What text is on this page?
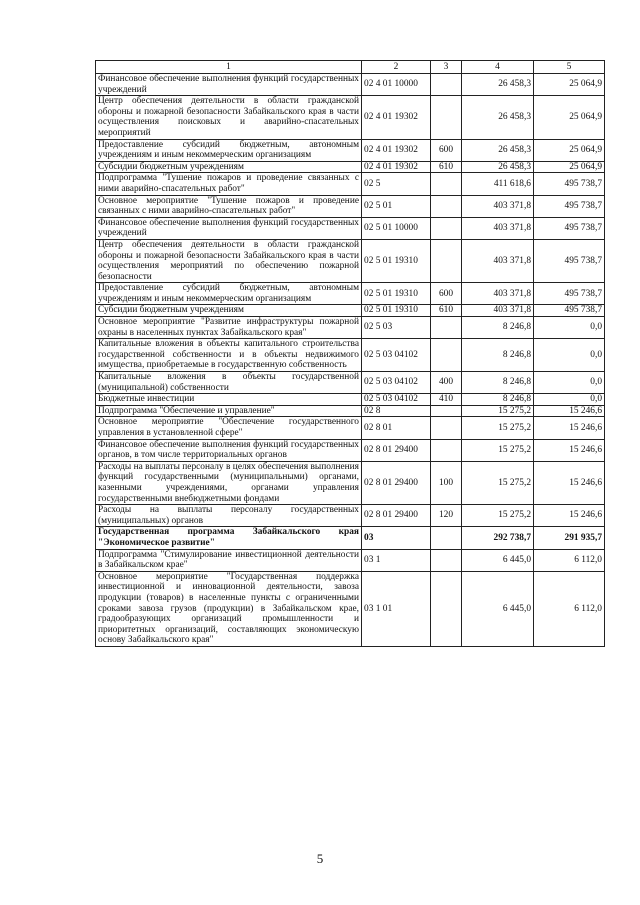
1	2	3	4	5
Финансовое обеспечение выполнения функций государственных учреждений	02 4 01 10000		26 458,3	25 064,9
Центр обеспечения деятельности в области гражданской обороны и пожарной безопасности Забайкальского края в части осуществления поисковых и аварийно-спасательных мероприятий	02 4 01 19302		26 458,3	25 064,9
Предоставление субсидий бюджетным, автономным учреждениям и иным некоммерческим организациям	02 4 01 19302	600	26 458,3	25 064,9
Субсидии бюджетным учреждениям	02 4 01 19302	610	26 458,3	25 064,9
Подпрограмма "Тушение пожаров и проведение связанных с ними аварийно-спасательных работ"	02 5		411 618,6	495 738,7
Основное мероприятие "Тушение пожаров и проведение связанных с ними аварийно-спасательных работ"	02 5 01		403 371,8	495 738,7
Финансовое обеспечение выполнения функций государственных учреждений	02 5 01 10000		403 371,8	495 738,7
Центр обеспечения деятельности в области гражданской обороны и пожарной безопасности Забайкальского края в части осуществления мероприятий по обеспечению пожарной безопасности	02 5 01 19310		403 371,8	495 738,7
Предоставление субсидий бюджетным, автономным учреждениям и иным некоммерческим организациям	02 5 01 19310	600	403 371,8	495 738,7
Субсидии бюджетным учреждениям	02 5 01 19310	610	403 371,8	495 738,7
Основное мероприятие "Развитие инфраструктуры пожарной охраны в населенных пунктах Забайкальского края"	02 5 03		8 246,8	0,0
Капитальные вложения в объекты капитального строительства государственной собственности и в объекты недвижимого имущества, приобретаемые в государственную собственность	02 5 03 04102		8 246,8	0,0
Капитальные вложения в объекты государственной (муниципальной) собственности	02 5 03 04102	400	8 246,8	0,0
Бюджетные инвестиции	02 5 03 04102	410	8 246,8	0,0
Подпрограмма "Обеспечение и управление"	02 8		15 275,2	15 246,6
Основное мероприятие "Обеспечение государственного управления в установленной сфере"	02 8 01		15 275,2	15 246,6
Финансовое обеспечение выполнения функций государственных органов, в том числе территориальных органов	02 8 01 29400		15 275,2	15 246,6
Расходы на выплаты персоналу в целях обеспечения выполнения функций государственными (муниципальными) органами, казенными учреждениями, органами управления государственными внебюджетными фондами	02 8 01 29400	100	15 275,2	15 246,6
Расходы на выплаты персоналу государственных (муниципальных) органов	02 8 01 29400	120	15 275,2	15 246,6
Государственная программа Забайкальского края "Экономическое развитие"	03		292 738,7	291 935,7
Подпрограмма "Стимулирование инвестиционной деятельности в Забайкальском крае"	03 1		6 445,0	6 112,0
Основное мероприятие "Государственная поддержка инвестиционной и инновационной деятельности, завоза продукции (товаров) в населенные пункты с ограниченными сроками завоза грузов (продукции) в Забайкальском крае, градообразующих организаций промышленности и приоритетных организаций, составляющих экономическую основу Забайкальского края"	03 1 01		6 445,0	6 112,0
5
